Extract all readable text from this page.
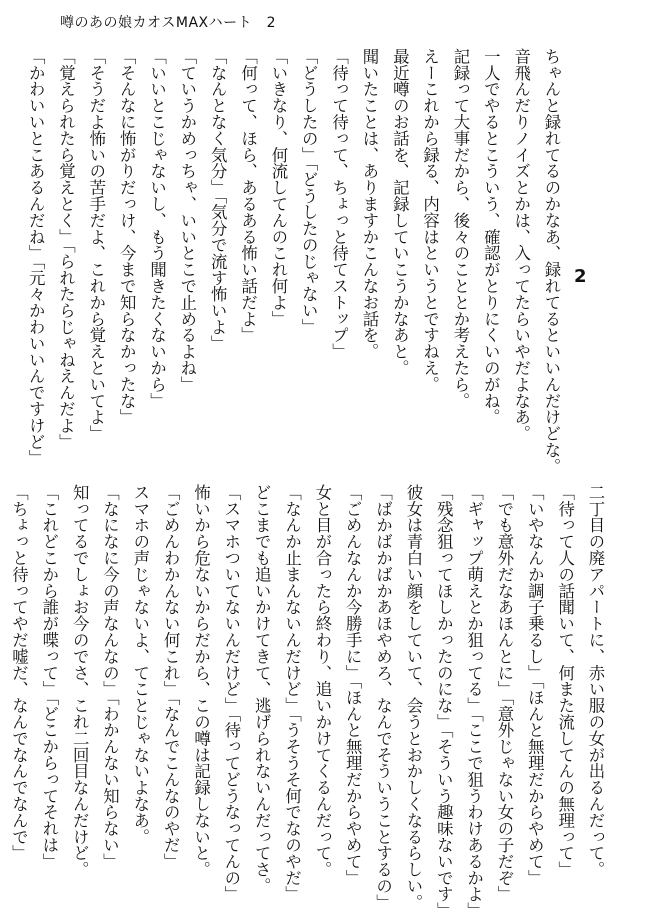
噂のあの娘カオスMAXハート　2
2
ちゃんと録れてるのかなあ、録れてるといいんだけどな。
音飛んだりノイズとかは、入ってたらいやだよなあ。
一人でやるとこういう、確認がとりにくいのがね。
記録って大事だから、後々のこととか考えたら。
えーこれから録る、内容はというとですねえ。
最近噂のお話を、記録していこうかなあと。
聞いたことは、ありますかこんなお話を。
「待って待って、ちょっと待てストップ」
「どうしたの」「どうしたのじゃない」
「いきなり、何流してんのこれ何よ」
「何って、ほら、あるある怖い話だよ」
「なんとなく気分」「気分で流す怖いよ」
「ていうかめっちゃ、いいとこで止めるよね」
「いいとこじゃないし、もう聞きたくないから」
「そんなに怖がりだっけ、今まで知らなかったな」
「そうだよ怖いの苦手だよ、これから覚えといてよ」
「覚えられたら覚えとく」「られたらじゃねえんだよ」
「かわいいとこあるんだね」「元々かわいいんですけど」
二丁目の廃アパートに、赤い服の女が出るんだって。
「待って人の話聞いて、何また流してんの無理って」
「いやなんか調子乗るし」「ほんと無理だからやめて」
「でも意外だなあほんとに」「意外じゃない女の子だぞ」
「ギャップ萌えとか狙ってる」「ここで狙うわけあるかよ」
「残念狙ってほしかったのにな」「そういう趣味ないです」
彼女は青白い顔をしていて、会うとおかしくなるらしい。
「ばかばかばかあほやめろ、なんでそういうことするの」
「ごめんなんか今勝手に」「ほんと無理だからやめて」
女と目が合ったら終わり、追いかけてくるんだって。
「なんか止まんないんだけど」「うそうそ何でなのやだ」
どこまでも追いかけてきて、逃げられないんだってさ。
「スマホついてないんだけど」「待ってどうなってんの」
怖いから危ないからだから、この噂は記録しないと。
「ごめんわかんない何これ」「なんでこんなのやだ」
スマホの声じゃないよ、てことじゃないよなあ。
「なになに今の声なんなの」「わかんない知らない」
知ってるでしょお今のでさ、これ二回目なんだけど。
「これどこから誰が喋って」「どこからってそれは」
「ちょっと待ってやだ嘘だ、なんでなんでなんで」
